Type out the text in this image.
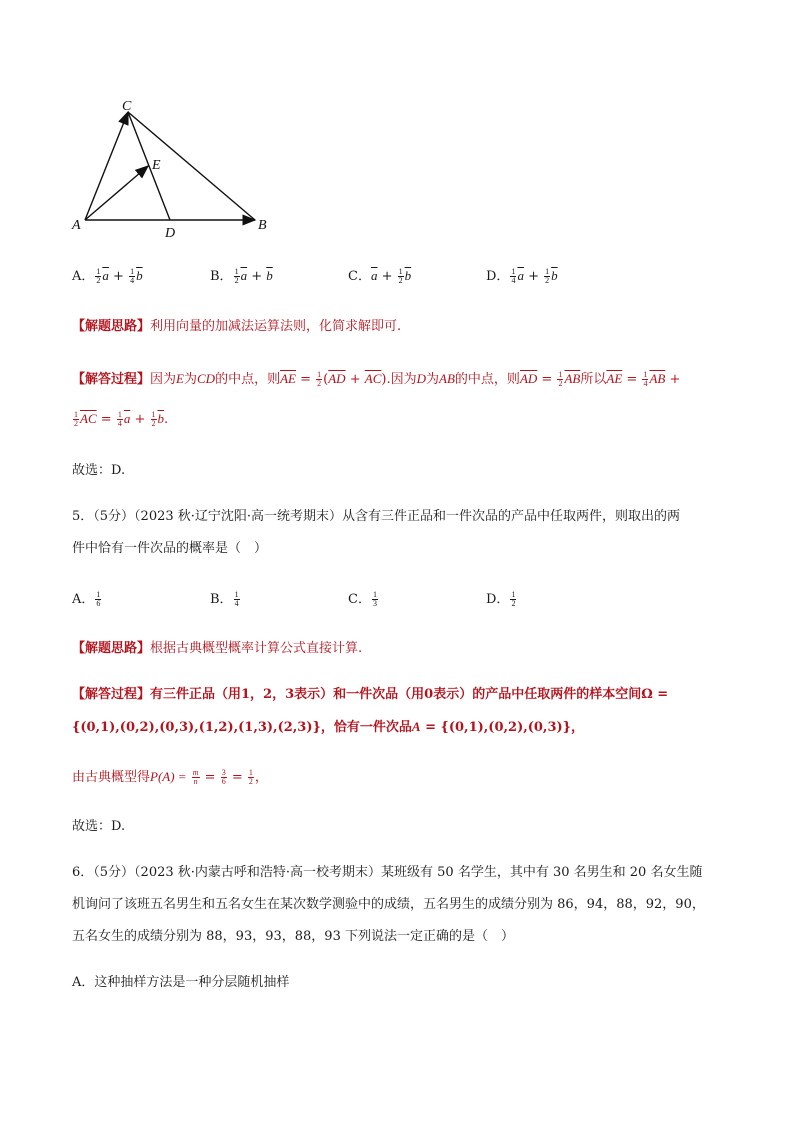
C
E
A
D
B
A． $\frac{1}{2} \overline{a} + \frac{1}{4} \overline{b}$	B． $\frac{1}{2} \overline{a} + \overline{b}$	C．$\overline{a} + \frac{1}{2} \overline{b}$	D． $\frac{1}{4} \overline{a} + \frac{1}{2} \overline{b}$
【解题思路】利用向量的加减法运算法则，化简求解即可.
【解答过程】因为E为CD的中点，则$\overline{AE} = \frac{1}{2} (\overline{AD} + \overline{AC})$.因为D为AB的中点，则$\overline{AD} = \frac{1}{2} \overline{AB}$所以$\overline{AE} = \frac{1}{4} \overline{AB}$ +
$\frac{1}{2} \overline{AC} = \frac{1}{4} \overline{a} + \frac{1}{2} \overline{b}$.
故选：D.
5．（5分）（2023 秋·辽宁沈阳·高一统考期末）从含有三件正品和一件次品的产品中任取两件，则取出的两
件中恰有一件次品的概率是（　）
A． $\frac{1}{6}$	B． $\frac{1}{4}$	C． $\frac{1}{3}$	D． $\frac{1}{2}$
【解题思路】根据古典概型概率计算公式直接计算.
【解答过程】有三件正品（用1，2，3表示）和一件次品（用0表示）的产品中任取两件的样本空间Ω =
{(0,1),(0,2),(0,3),(1,2),(1,3),(2,3)}，恰有一件次品A = {(0,1),(0,2),(0,3)}，
由古典概型得$P(A) = \frac{m}{n} = \frac{3}{6} = \frac{1}{2}$ ，
故选：D.
6．（5分）（2023 秋·内蒙古呼和浩特·高一校考期末）某班级有 50 名学生，其中有 30 名男生和 20 名女生随
机询问了该班五名男生和五名女生在某次数学测验中的成绩，五名男生的成绩分别为 86，94，88，92，90，
五名女生的成绩分别为 88，93，93，88，93 下列说法一定正确的是（　）
A．这种抽样方法是一种分层随机抽样
